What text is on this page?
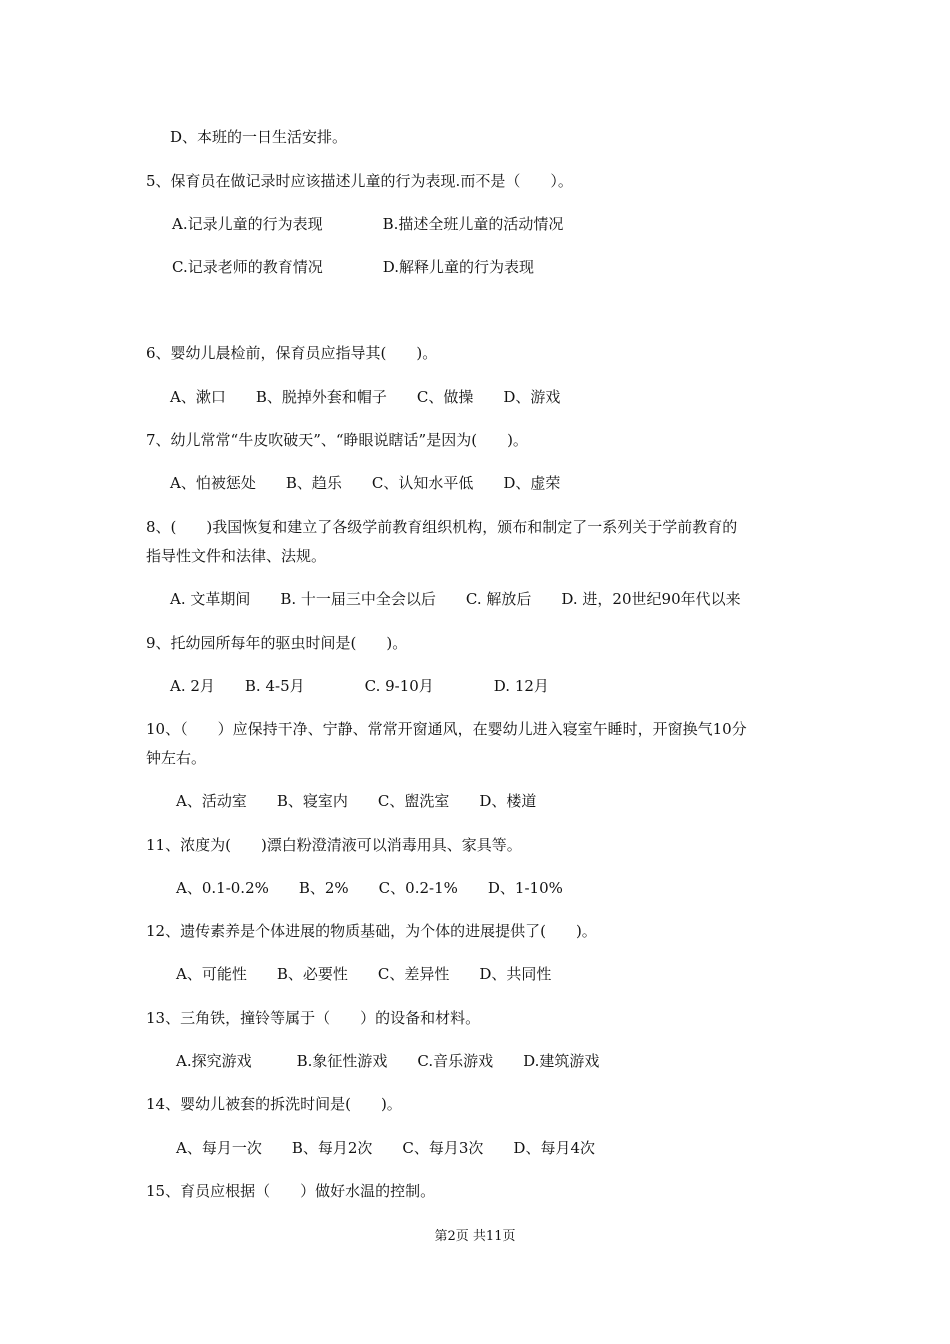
D、本班的一日生活安排。
5、保育员在做记录时应该描述儿童的行为表现.而不是（　　）。
A.记录儿童的行为表现　　　　B.描述全班儿童的活动情况
C.记录老师的教育情况　　　　D.解释儿童的行为表现
6、婴幼儿晨检前，保育员应指导其(　　)。
A、漱口　　B、脱掉外套和帽子　　C、做操　　D、游戏
7、幼儿常常“牛皮吹破天”、“睁眼说瞎话”是因为(　　)。
A、怕被惩处　　B、趋乐　　C、认知水平低　　D、虚荣
8、(　　)我国恢复和建立了各级学前教育组织机构，颁布和制定了一系列关于学前教育的
指导性文件和法律、法规。
A. 文革期间　　B. 十一届三中全会以后　　C. 解放后　　D. 进，20世纪90年代以来
9、托幼园所每年的驱虫时间是(　　)。
A. 2月　　B. 4-5月　　　　C. 9-10月　　　　D. 12月
10、（　　）应保持干净、宁静、常常开窗通风，在婴幼儿进入寝室午睡时，开窗换气10分
钟左右。
A、活动室　　B、寝室内　　C、盥洗室　　D、楼道
11、浓度为(　　)漂白粉澄清液可以消毒用具、家具等。
A、0.1-0.2%　　B、2%　　C、0.2-1%　　D、1-10%
12、遗传素养是个体进展的物质基础，为个体的进展提供了(　　)。
A、可能性　　B、必要性　　C、差异性　　D、共同性
13、三角铁，撞铃等属于（　　）的设备和材料。
A.探究游戏　　　B.象征性游戏　　C.音乐游戏　　D.建筑游戏
14、婴幼儿被套的拆洗时间是(　　)。
A、每月一次　　B、每月2次　　C、每月3次　　D、每月4次
15、育员应根据（　　）做好水温的控制。
第2页 共11页
